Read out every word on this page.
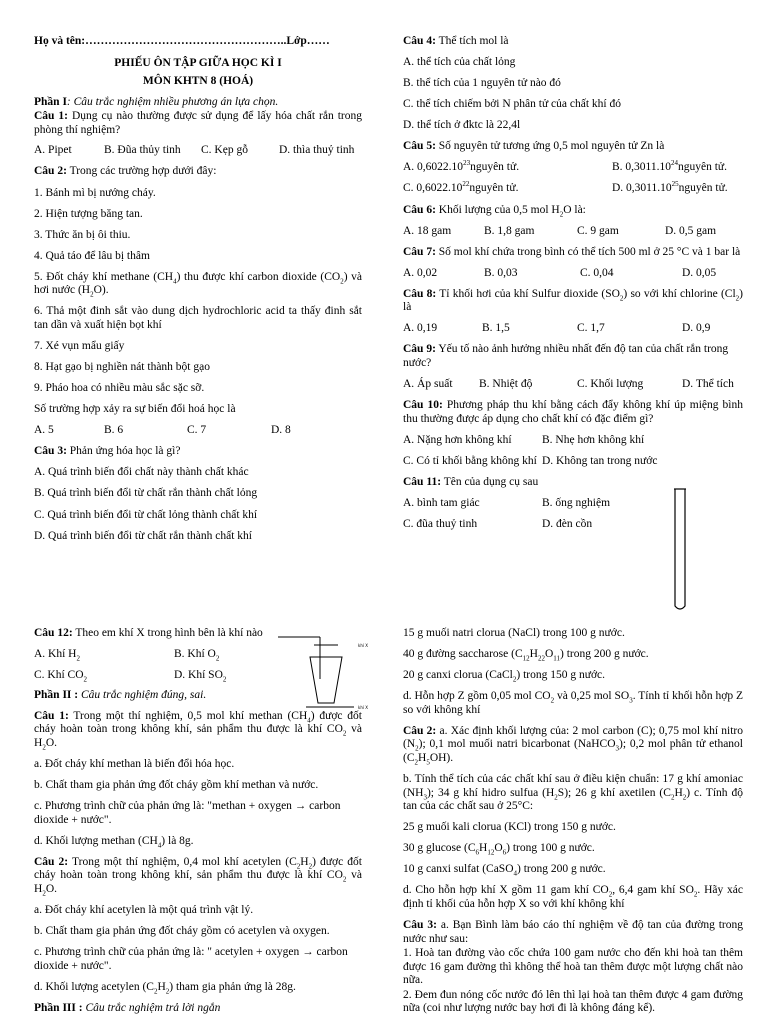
Họ và tên:……………………………………………..Lớp……
PHIẾU ÔN TẬP GIỮA HỌC KÌ I
MÔN KHTN 8 (HOÁ)
Phần I: Câu trắc nghiệm nhiều phương án lựa chọn.

Câu 1: Dụng cụ nào thường được sử dụng để lấy hóa chất rắn trong phòng thí nghiệm?

A. Pipet	B. Đũa thủy tinh	C. Kẹp gỗ	D. thìa thuỷ tinh

Câu 2: Trong các trường hợp dưới đây:

1. Bánh mì bị nướng cháy.

2. Hiện tượng băng tan.

3. Thức ăn bị ôi thiu.

4. Quả táo để lâu bị thâm

5. Đốt cháy khí methane $(CH_4)$ thu được khí carbon dioxide $(CO_2)$ và hơi nước $(H_2O)$.

6. Thả một đinh sắt vào dung dịch hydrochloric acid ta thấy đinh sắt tan dần và xuất hiện bọt khí

7. Xé vụn mẩu giấy

8. Hạt gạo bị nghiền nát thành bột gạo

9. Pháo hoa có nhiều màu sắc sặc sỡ.

Số trường hợp xảy ra sự biến đổi hoá học là

A. 5	B. 6	C. 7	D. 8

Câu 3: Phản ứng hóa học là gì?

A. Quá trình biến đổi chất này thành chất khác

B. Quá trình biến đổi từ chất rắn thành chất lỏng

C. Quá trình biến đổi từ chất lỏng thành chất khí

D. Quá trình biến đổi từ chất rắn thành chất khí

Câu 4: Thể tích mol là

A. thể tích của chất lỏng

B. thể tích của 1 nguyên tử nào đó

C. thể tích chiếm bởi N phân tử của chất khí đó

D. thể tích ở đktc là 22,4l

Câu 5: Số nguyên tử tương ứng 0,5 mol nguyên tử Zn là

A. 0,6022.10$^{23}$nguyên tử.	B. 0,3011.10$^{24}$nguyên tử.
C. 0,6022.10$^{22}$nguyên tử.	D. 0,3011.10$^{25}$nguyên tử.

Câu 6: Khối lượng của 0,5 mol $H_2O$ là:

A. 18 gam	B. 1,8 gam	C. 9 gam	D. 0,5 gam

Câu 7: Số mol khí chứa trong bình có thể tích 500 ml ở 25 °C và 1 bar là

A. 0,02	B. 0,03	C. 0,04	D. 0,05

Câu 8: Tỉ khối hơi của khí Sulfur dioxide $(SO_2)$ so với khí chlorine $(Cl_2)$ là

A. 0,19	B. 1,5	C. 1,7	D. 0,9

Câu 9: Yếu tố nào ảnh hưởng nhiều nhất đến độ tan của chất rắn trong nước?

A. Áp suất	B. Nhiệt độ	C. Khối lượng	D. Thể tích

Câu 10: Phương pháp thu khí bằng cách đẩy không khí úp miệng bình thu thường được áp dụng cho chất khí có đặc điểm gì?

A. Nặng hơn không khí	B. Nhẹ hơn không khí
C. Có tỉ khối bằng không khí D. Không tan trong nước

Câu 11: Tên của dụng cụ sau

A. bình tam giác	B. ống nghiệm
C. đũa thuỷ tinh	D. đèn cồn
khí X
khí X

Câu 12: Theo em khí X trong hình bên là khí nào

A. Khí $H_2$	B. Khí $O_2$
C. Khí $CO_2$	D. Khí $SO_2$

Phần II : Câu trắc nghiệm đúng, sai.

Câu 1: Trong một thí nghiệm, 0,5 mol khí methan $(CH_4)$ được đốt cháy hoàn toàn trong không khí, sản phẩm thu được là khí $CO_2$ và $H_2O$.

a. Đốt cháy khí methan là biến đổi hóa học.

b. Chất tham gia phản ứng đốt cháy gồm khí methan và nước.

c. Phương trình chữ của phản ứng là: "methan + oxygen → carbon dioxide + nước".

d. Khối lượng methan $(CH_4)$ là 8g.

Câu 2: Trong một thí nghiệm, 0,4 mol khí acetylen $(C_2H_2)$ được đốt cháy hoàn toàn trong không khí, sản phẩm thu được là khí $CO_2$ và $H_2O$.

a. Đốt cháy khí acetylen là một quá trình vật lý.

b. Chất tham gia phản ứng đốt cháy gồm có acetylen và oxygen.

c. Phương trình chữ của phản ứng là: " acetylen + oxygen → carbon dioxide + nước".

d. Khối lượng acetylen $(C_2H_2)$ tham gia phản ứng là 28g.

Phần III : Câu trắc nghiệm trả lời ngắn

15 g muối natri clorua (NaCl) trong 100 g nước.

40 g đường saccharose $(C_{12}H_{22}O_{11})$ trong 200 g nước.

20 g canxi clorua (CaCl$_2$) trong 150 g nước.

d. Hỗn hợp Z gồm 0,05 mol $CO_2$ và 0,25 mol $SO_3$. Tính tỉ khối hỗn hợp Z so với không khí

Câu 2: a. Xác định khối lượng của: 2 mol carbon (C); 0,75 mol khí nitro $(N_2)$; 0,1 mol muối natri bicarbonat (NaHCO$_3$); 0,2 mol phân tử ethanol $(C_2H_5OH)$.

b. Tính thể tích của các chất khí sau ở điều kiện chuẩn: 17 g khí amoniac $(NH_3)$; 34 g khí hidro sulfua $(H_2S)$; 26 g khí axetilen $(C_2H_2)$ c. Tính độ tan của các chất sau ở 25°C:

25 g muối kali clorua (KCl) trong 150 g nước.

30 g glucose $(C_6H_{12}O_6)$ trong 100 g nước.

10 g canxi sulfat (CaSO$_4$) trong 200 g nước.

d. Cho hỗn hợp khí X gồm 11 gam khí $CO_2$, 6,4 gam khí $SO_2$. Hãy xác định tỉ khối của hỗn hợp X so với khí không khí

Câu 3: a. Bạn Bình làm báo cáo thí nghiệm về độ tan của đường trong nước như sau:

1. Hoà tan đường vào cốc chứa 100 gam nước cho đến khi hoà tan thêm được 16 gam đường thì không thể hoà tan thêm được một lượng chất nào nữa.

2. Đem đun nóng cốc nước đó lên thì lại hoà tan thêm được 4 gam đường nữa (coi như lượng nước bay hơi đi là không đáng kể).
